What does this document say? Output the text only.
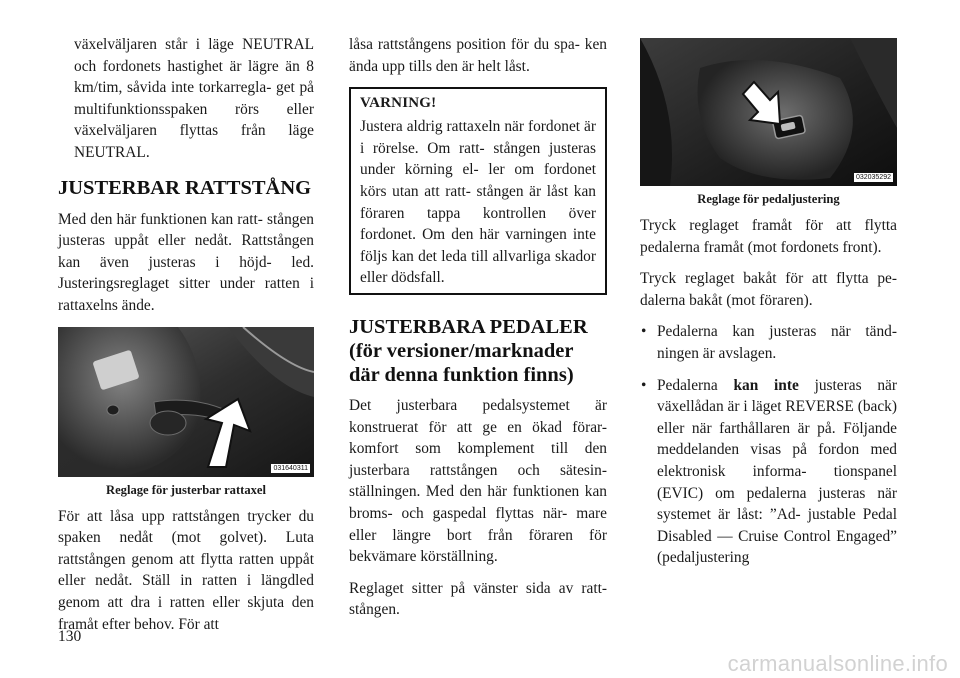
växelväljaren står i läge NEUTRAL och fordonets hastighet är lägre än 8 km/tim, såvida inte torkarregla- get på multifunktionsspaken rörs eller växelväljaren flyttas från läge NEUTRAL.

JUSTERBAR RATTSTÅNG

Med den här funktionen kan ratt- stången justeras uppåt eller nedåt. Rattstången kan även justeras i höjd- led. Justeringsreglaget sitter under ratten i rattaxelns ände.

031640311
Reglage för justerbar rattaxel

För att låsa upp rattstången trycker du spaken nedåt (mot golvet). Luta rattstången genom att flytta ratten uppåt eller nedåt. Ställ in ratten i längdled genom att dra i ratten eller skjuta den framåt efter behov. För att

låsa rattstångens position för du spa- ken ända upp tills den är helt låst.

VARNING!

Justera aldrig rattaxeln när fordonet är i rörelse. Om ratt- stången justeras under körning el- ler om fordonet körs utan att ratt- stången är låst kan föraren tappa kontrollen över fordonet. Om den här varningen inte följs kan det leda till allvarliga skador eller dödsfall.

JUSTERBARA PEDALER
(för versioner/marknader
där denna funktion finns)

Det justerbara pedalsystemet är konstruerat för att ge en ökad förar- komfort som komplement till den justerbara rattstången och sätesin- ställningen. Med den här funktionen kan broms- och gaspedal flyttas när- mare eller längre bort från föraren för bekvämare körställning.

Reglaget sitter på vänster sida av ratt- stången.

032035292
Reglage för pedaljustering

Tryck reglaget framåt för att flytta pedalerna framåt (mot fordonets front).

Tryck reglaget bakåt för att flytta pe- dalerna bakåt (mot föraren).

• Pedalerna kan justeras när tänd- ningen är avslagen.
• Pedalerna kan inte justeras när växellådan är i läget REVERSE (back) eller när farthållaren är på. Följande meddelanden visas på fordon med elektronisk informa- tionspanel (EVIC) om pedalerna justeras när systemet är låst: ”Ad- justable Pedal Disabled — Cruise Control Engaged” (pedaljustering
130
carmanualsonline.info
